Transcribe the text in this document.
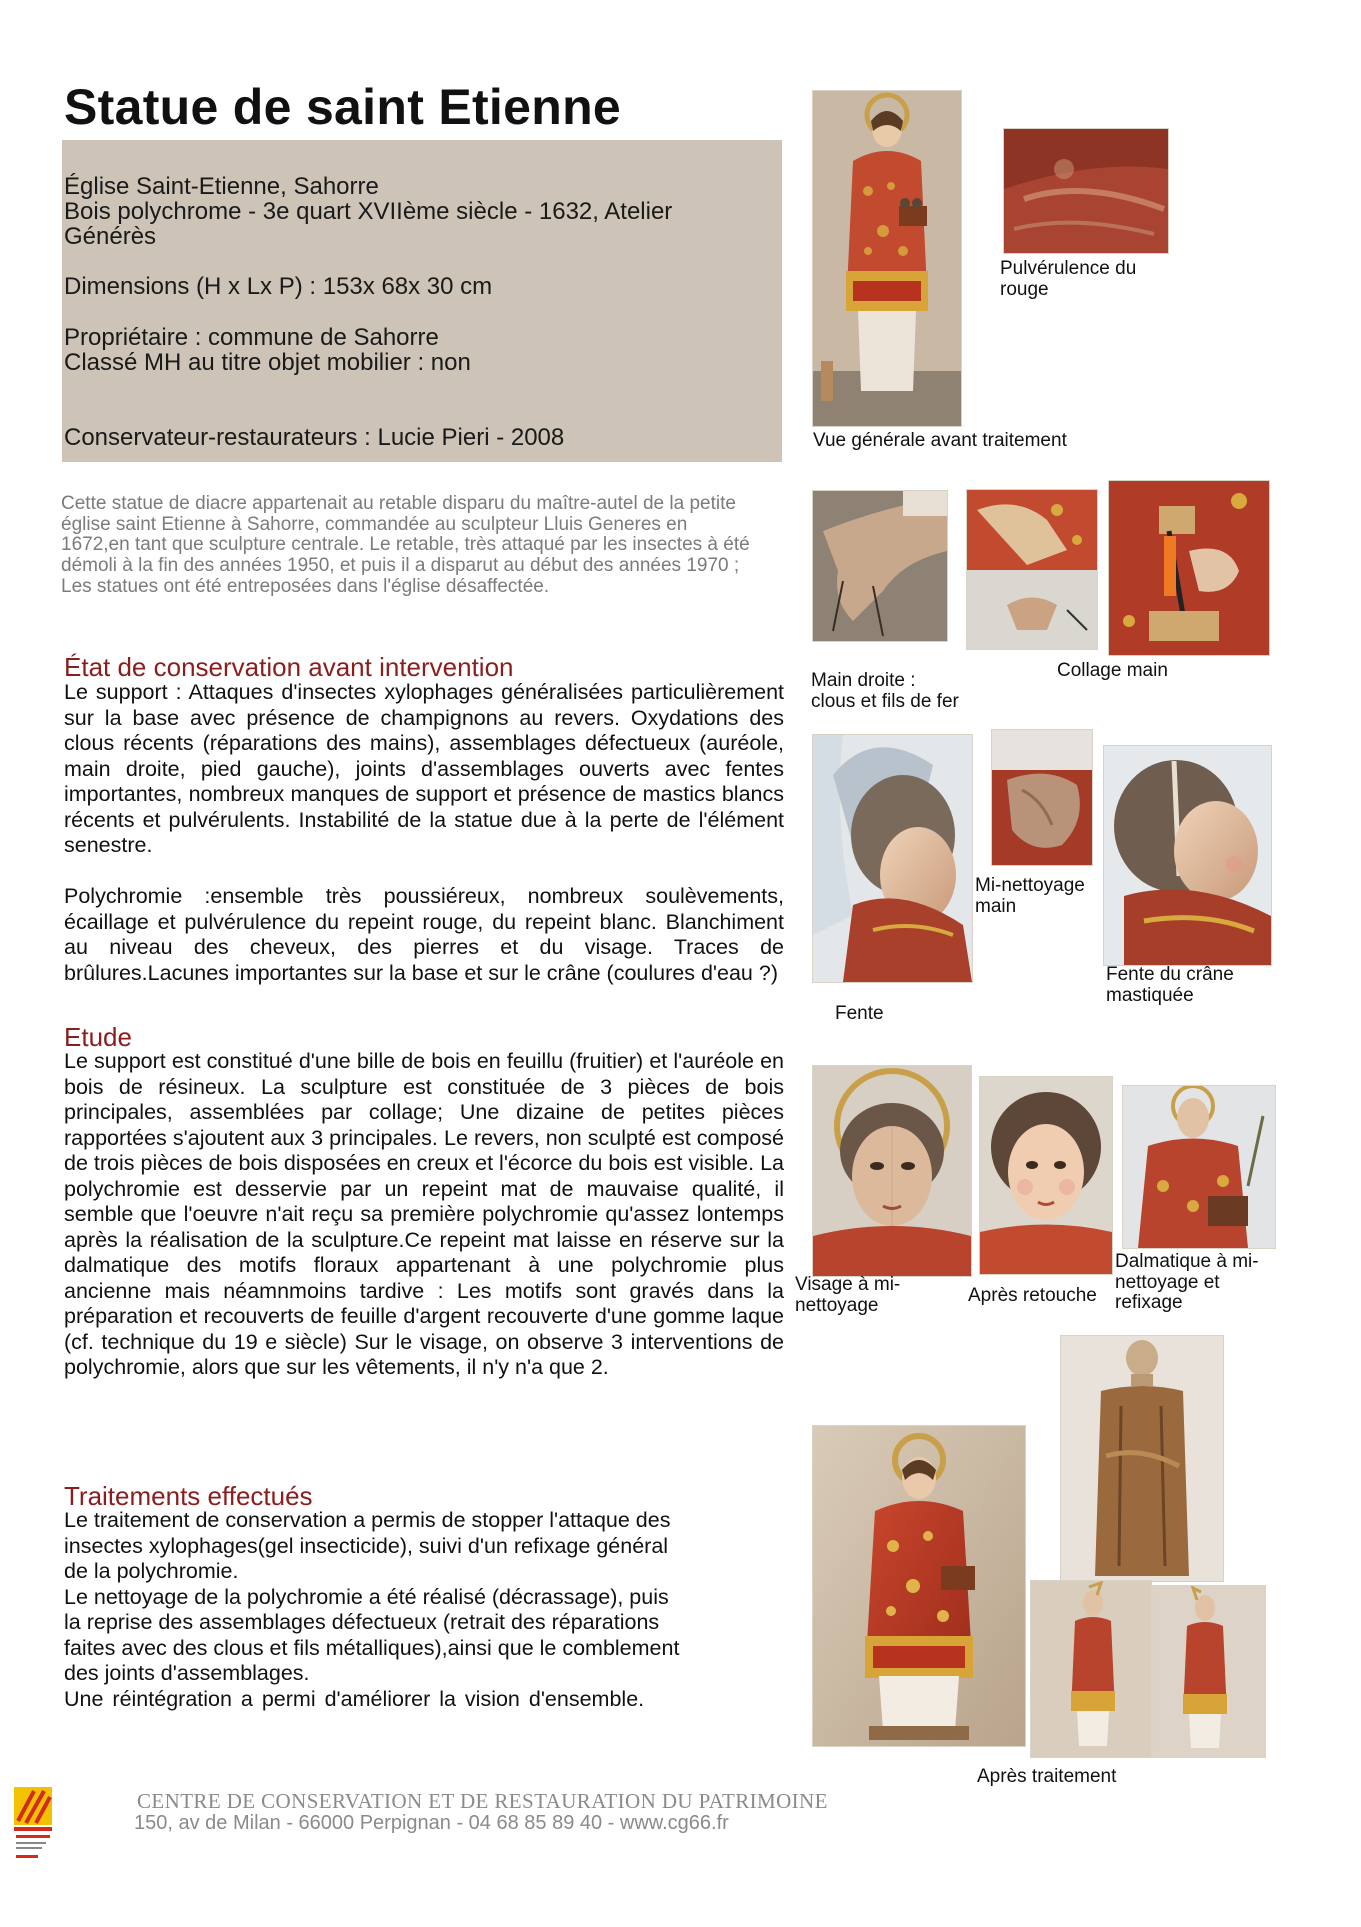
Statue de saint Etienne

Église Saint-Etienne, Sahorre

Bois polychrome - 3e quart XVIIème siècle - 1632, Atelier

Générès

Dimensions (H x Lx P) : 153x 68x 30 cm

Propriétaire : commune de Sahorre

Classé MH au titre objet mobilier : non

Conservateur-restaurateurs : Lucie Pieri - 2008

Cette statue de diacre appartenait au retable disparu du maître-autel de la petite église saint Etienne à Sahorre, commandée au sculpteur Lluis Generes en 1672,en tant que sculpture centrale. Le retable, très attaqué par les insectes à été démoli à la fin des années 1950, et puis il a disparut au début des années 1970 ; Les statues ont été entreposées dans l'église désaffectée.

État de conservation avant intervention

Le support : Attaques d'insectes xylophages généralisées particulièrement sur la base avec présence de champignons au revers. Oxydations des clous récents (réparations des mains), assemblages défectueux (auréole, main droite, pied gauche), joints d'assemblages ouverts avec fentes importantes, nombreux manques de support et présence de mastics blancs récents et pulvérulents. Instabilité de la statue due à la perte de l'élément senestre.

Polychromie :ensemble très poussiéreux, nombreux soulèvements, écaillage et pulvérulence du repeint rouge, du repeint blanc. Blanchiment au niveau des cheveux, des pierres et du visage. Traces de brûlures.Lacunes importantes sur la base et sur le crâne (coulures d'eau ?)

Etude

Le support est constitué d'une bille de bois en feuillu (fruitier) et l'auréole en bois de résineux. La sculpture est constituée de 3 pièces de bois principales, assemblées par collage; Une dizaine de petites pièces rapportées s'ajoutent aux 3 principales. Le revers, non sculpté est composé de trois pièces de bois disposées en creux et l'écorce du bois est visible. La polychromie est desservie par un repeint mat de mauvaise qualité, il semble que l'oeuvre n'ait reçu sa première polychromie qu'assez lontemps après la réalisation de la sculpture.Ce repeint mat laisse en réserve sur la dalmatique des motifs floraux appartenant à une polychromie plus ancienne mais néamnmoins tardive : Les motifs sont gravés dans la préparation et recouverts de feuille d'argent recouverte d'une gomme laque (cf. technique du 19 e siècle) Sur le visage, on observe 3 interventions de polychromie, alors que sur les vêtements, il n'y n'a que 2.

Traitements effectués
Le traitement de conservation a permis de stopper l'attaque des
insectes xylophages(gel insecticide), suivi d'un refixage général
de la polychromie.
Le nettoyage de la polychromie a été réalisé (décrassage), puis
la reprise des assemblages défectueux (retrait des réparations
faites avec des clous et fils métalliques),ainsi que le comblement
des joints d'assemblages.
Une réintégration a permi d'améliorer la vision d'ensemble.

Vue générale avant traitement

Pulvérulence du rouge

Main droite : clous et fils de fer

Collage main

Fente

Mi-nettoyage main

Fente du crâne mastiquée

Visage à mi-nettoyage	Après retouche

Dalmatique à mi-nettoyage et refixage

Après traitement

CENTRE DE CONSERVATION ET DE RESTAURATION DU PATRIMOINE

150, av de Milan - 66000 Perpignan - 04 68 85 89 40 - www.cg66.fr
